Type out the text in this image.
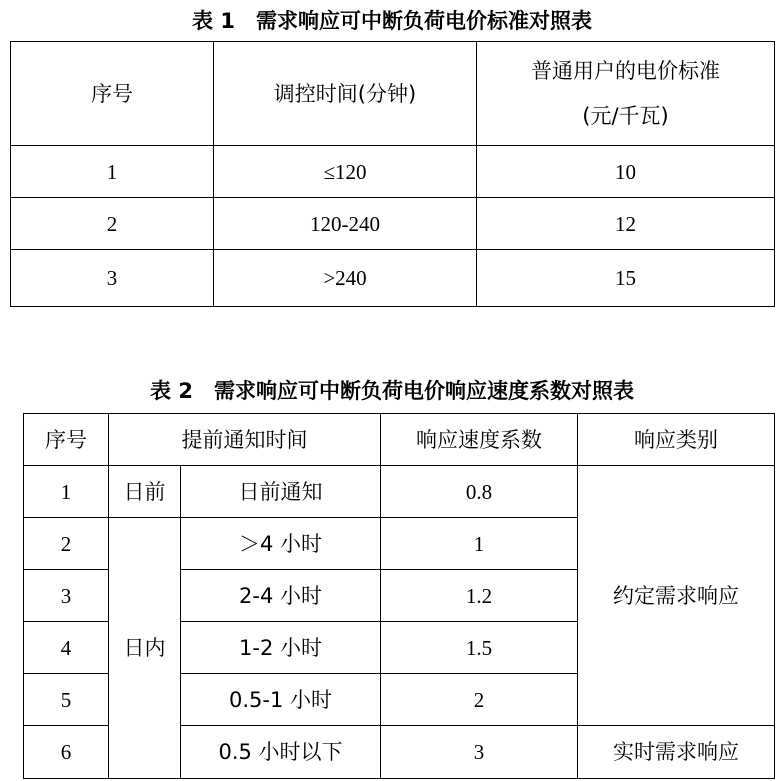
表 1　需求响应可中断负荷电价标准对照表
序号	调控时间(分钟)	普通用户的电价标准
(元/千瓦)
1	≤120	10
2	120-240	12
3	>240	15
表 2　需求响应可中断负荷电价响应速度系数对照表
序号	提前通知时间		响应速度系数	响应类别
1	日前	日前通知	0.8	约定需求响应
2	日内	＞4 小时	1	
3		2-4 小时	1.2	
4		1-2 小时	1.5	
5		0.5-1 小时	2	
6		0.5 小时以下	3	实时需求响应
